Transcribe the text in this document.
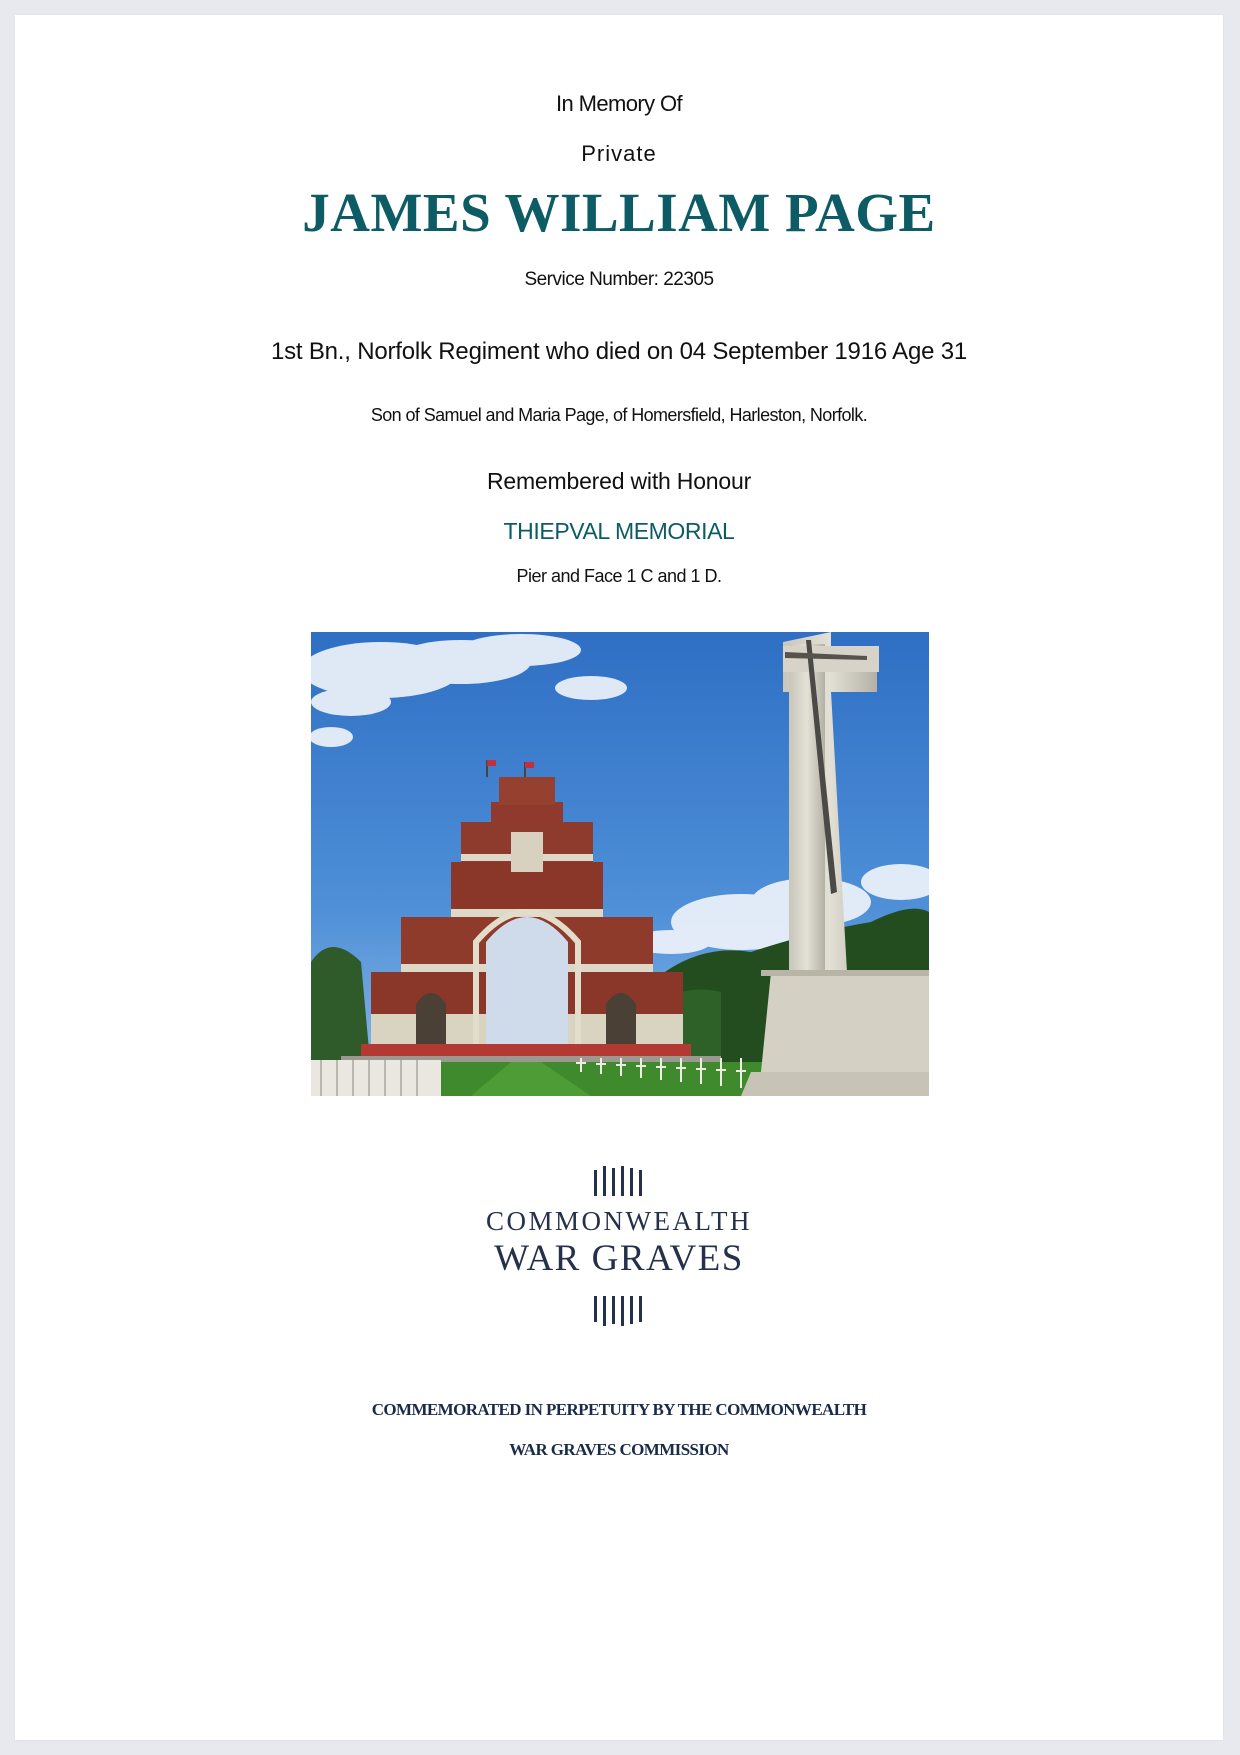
In Memory Of
Private
JAMES WILLIAM PAGE
Service Number: 22305
1st Bn., Norfolk Regiment who died on 04 September 1916 Age 31
Son of Samuel and Maria Page, of Homersfield, Harleston, Norfolk.
Remembered with Honour
THIEPVAL MEMORIAL
Pier and Face 1 C and 1 D.
COMMONWEALTH
WAR GRAVES
COMMEMORATED IN PERPETUITY BY THE COMMONWEALTH
WAR GRAVES COMMISSION
